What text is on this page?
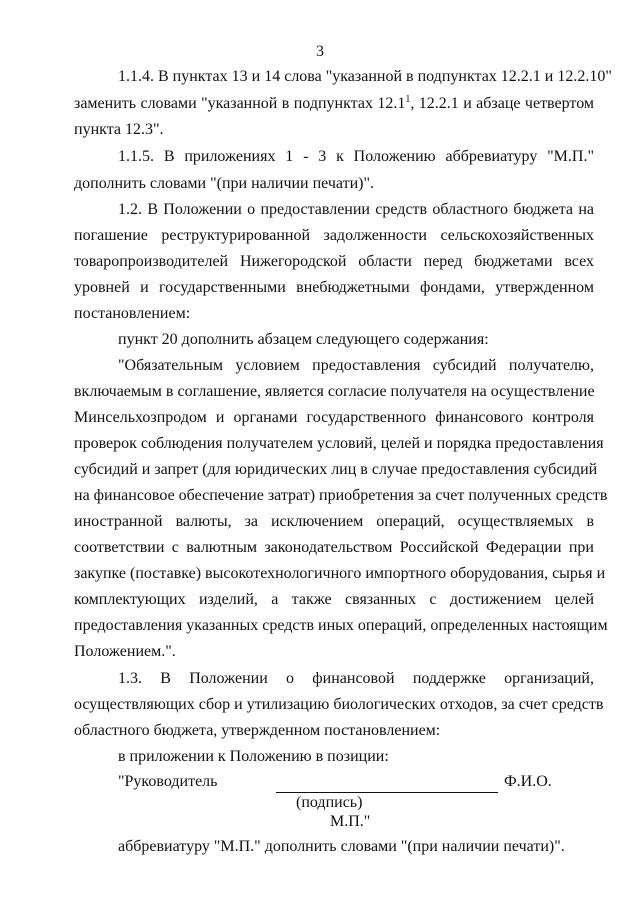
3
1.1.4. В пунктах 13 и 14 слова "указанной в подпунктах 12.2.1 и 12.2.10"
заменить словами "указанной в подпунктах 12.1$^1$, 12.2.1 и абзаце четвертом
пункта 12.3".
1.1.5. В приложениях 1 - 3 к Положению аббревиатуру "М.П."
дополнить словами "(при наличии печати)".
1.2. В Положении о предоставлении средств областного бюджета на
погашение реструктурированной задолженности сельскохозяйственных
товаропроизводителей Нижегородской области перед бюджетами всех
уровней и государственными внебюджетными фондами, утвержденном
постановлением:
пункт 20 дополнить абзацем следующего содержания:
"Обязательным условием предоставления субсидий получателю,
включаемым в соглашение, является согласие получателя на осуществление
Минсельхозпродом и органами государственного финансового контроля
проверок соблюдения получателем условий, целей и порядка предоставления
субсидий и запрет (для юридических лиц в случае предоставления субсидий
на финансовое обеспечение затрат) приобретения за счет полученных средств
иностранной валюты, за исключением операций, осуществляемых в
соответствии с валютным законодательством Российской Федерации при
закупке (поставке) высокотехнологичного импортного оборудования, сырья и
комплектующих изделий, а также связанных с достижением целей
предоставления указанных средств иных операций, определенных настоящим
Положением.".
1.3. В Положении о финансовой поддержке организаций,
осуществляющих сбор и утилизацию биологических отходов, за счет средств
областного бюджета, утвержденном постановлением:
в приложении к Положению в позиции:
"Руководитель	Ф.И.О.
(подпись)
М.П."
аббревиатуру "М.П." дополнить словами "(при наличии печати)".
